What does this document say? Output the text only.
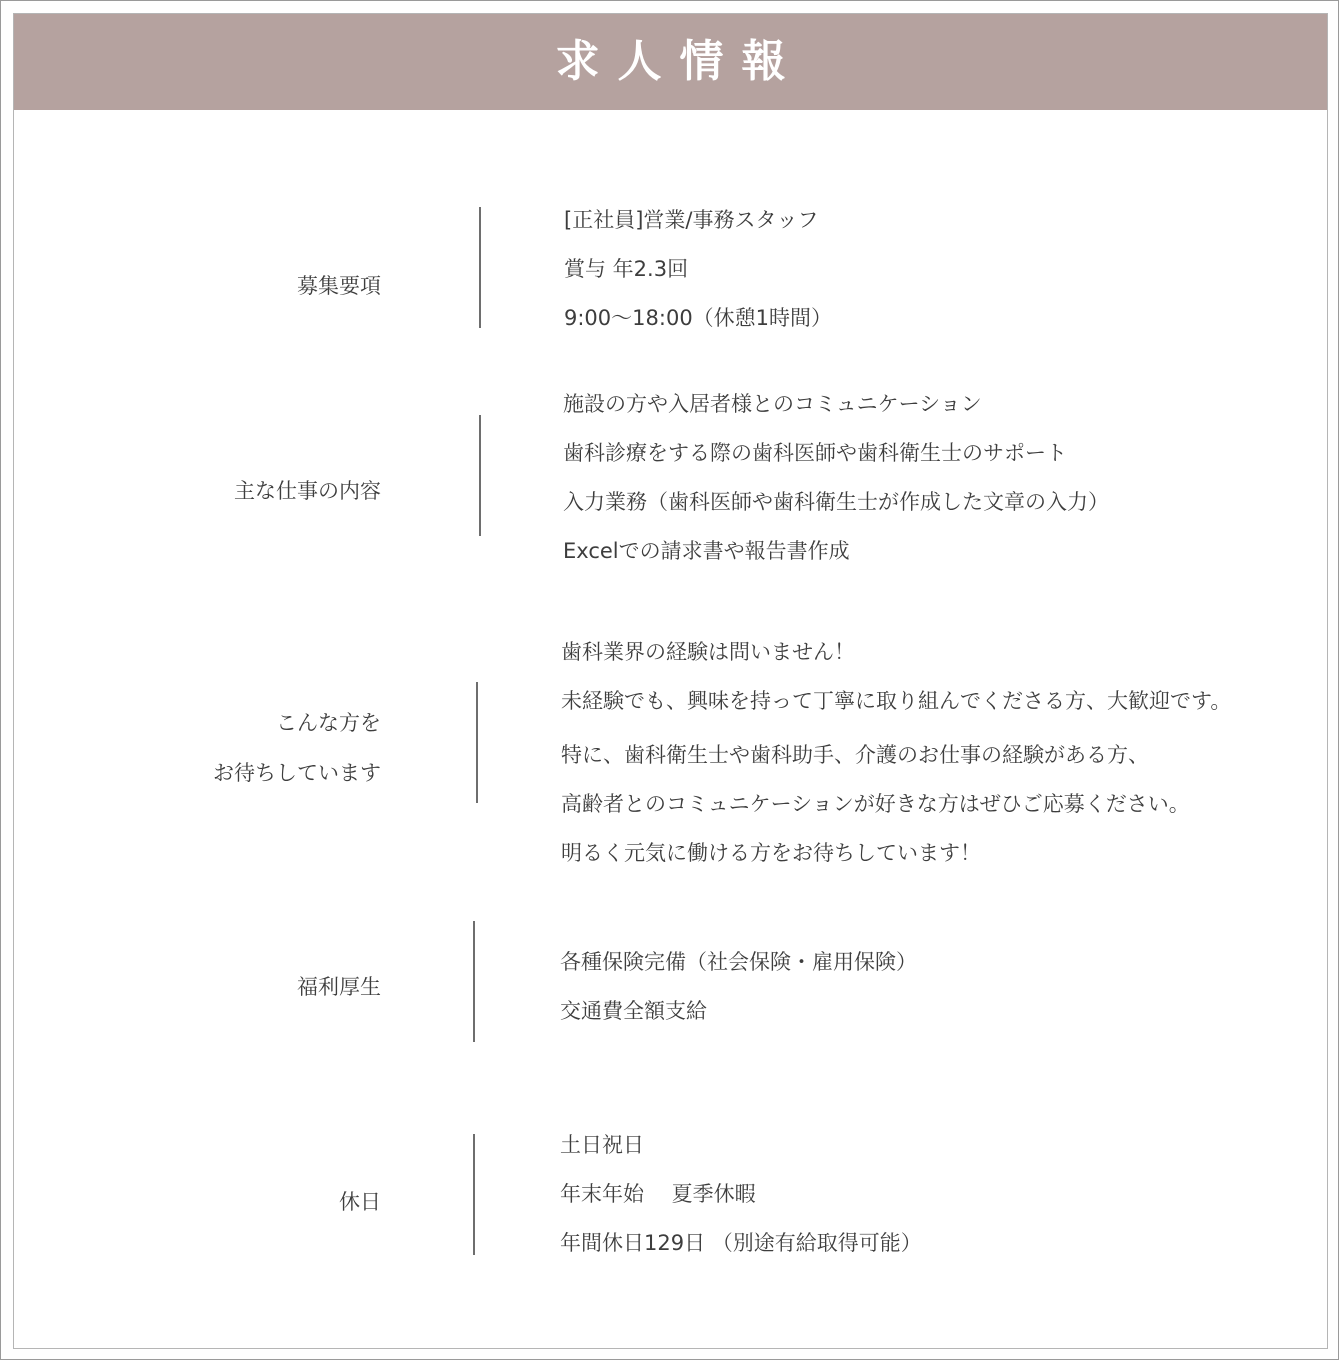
求人情報
募集要項
[正社員]営業/事務スタッフ
賞与 年2.3回
9:00～18:00（休憩1時間）
主な仕事の内容
施設の方や入居者様とのコミュニケーション
歯科診療をする際の歯科医師や歯科衛生士のサポート
入力業務（歯科医師や歯科衛生士が作成した文章の入力）
Excelでの請求書や報告書作成
こんな方を
お待ちしています
歯科業界の経験は問いません！
未経験でも、興味を持って丁寧に取り組んでくださる方、大歓迎です。
特に、歯科衛生士や歯科助手、介護のお仕事の経験がある方、
高齢者とのコミュニケーションが好きな方はぜひご応募ください。
明るく元気に働ける方をお待ちしています！
福利厚生
各種保険完備（社会保険・雇用保険）
交通費全額支給
休日
土日祝日
年末年始　 夏季休暇
年間休日129日 （別途有給取得可能）
